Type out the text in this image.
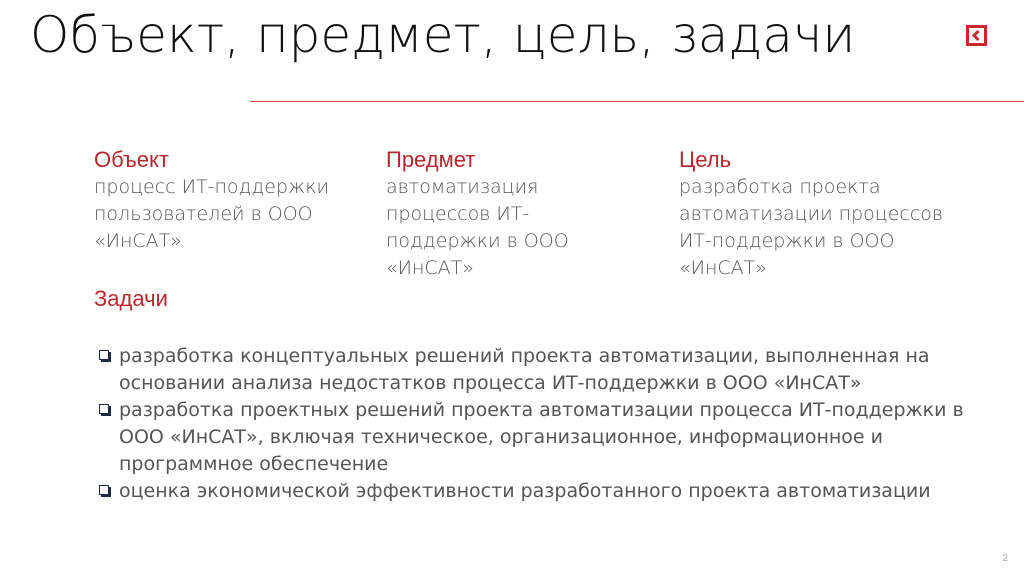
Объект, предмет, цель, задачи
Объект
процесс ИТ-поддержки пользователей в ООО «ИнСАТ»
Предмет
автоматизация процессов ИТ-поддержки в ООО «ИнСАТ»
Цель
разработка проекта автоматизации процессов ИТ-поддержки в ООО «ИнСАТ»
Задачи
разработка концептуальных решений проекта автоматизации, выполненная на основании анализа недостатков процесса ИТ-поддержки в ООО «ИнСАТ»
разработка проектных решений проекта автоматизации процесса ИТ-поддержки в ООО «ИнСАТ», включая техническое, организационное, информационное и программное обеспечение
оценка экономической эффективности разработанного проекта автоматизации
2
